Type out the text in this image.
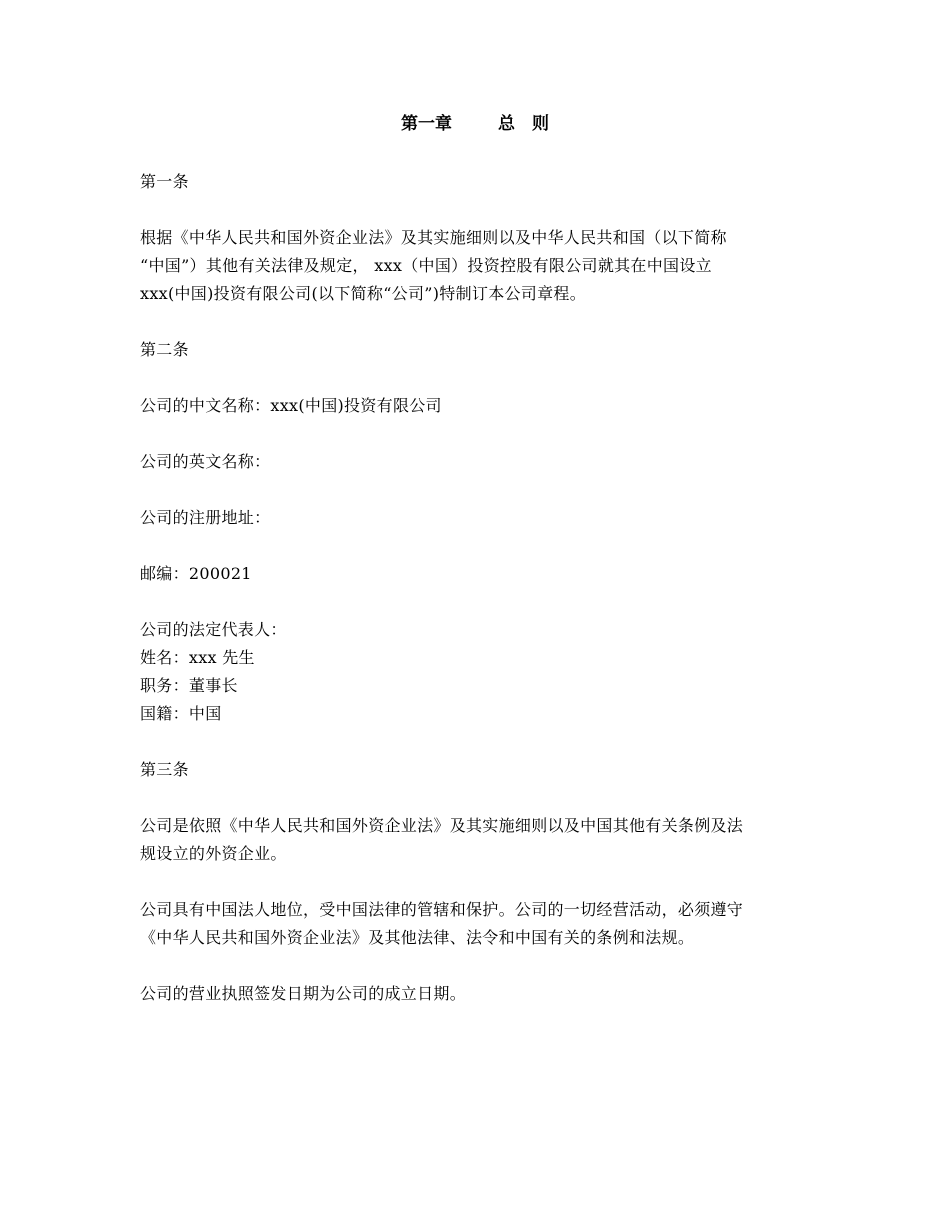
第一章	总　则
第一条
根据《中华人民共和国外资企业法》及其实施细则以及中华人民共和国（以下简称
“中国”）其他有关法律及规定， xxx（中国）投资控股有限公司就其在中国设立
xxx(中国)投资有限公司(以下简称“公司”)特制订本公司章程。
第二条
公司的中文名称：xxx(中国)投资有限公司
公司的英文名称：
公司的注册地址：
邮编：200021
公司的法定代表人：
姓名：xxx 先生
职务：董事长
国籍：中国
第三条
公司是依照《中华人民共和国外资企业法》及其实施细则以及中国其他有关条例及法
规设立的外资企业。
公司具有中国法人地位，受中国法律的管辖和保护。公司的一切经营活动，必须遵守
《中华人民共和国外资企业法》及其他法律、法令和中国有关的条例和法规。
公司的营业执照签发日期为公司的成立日期。
